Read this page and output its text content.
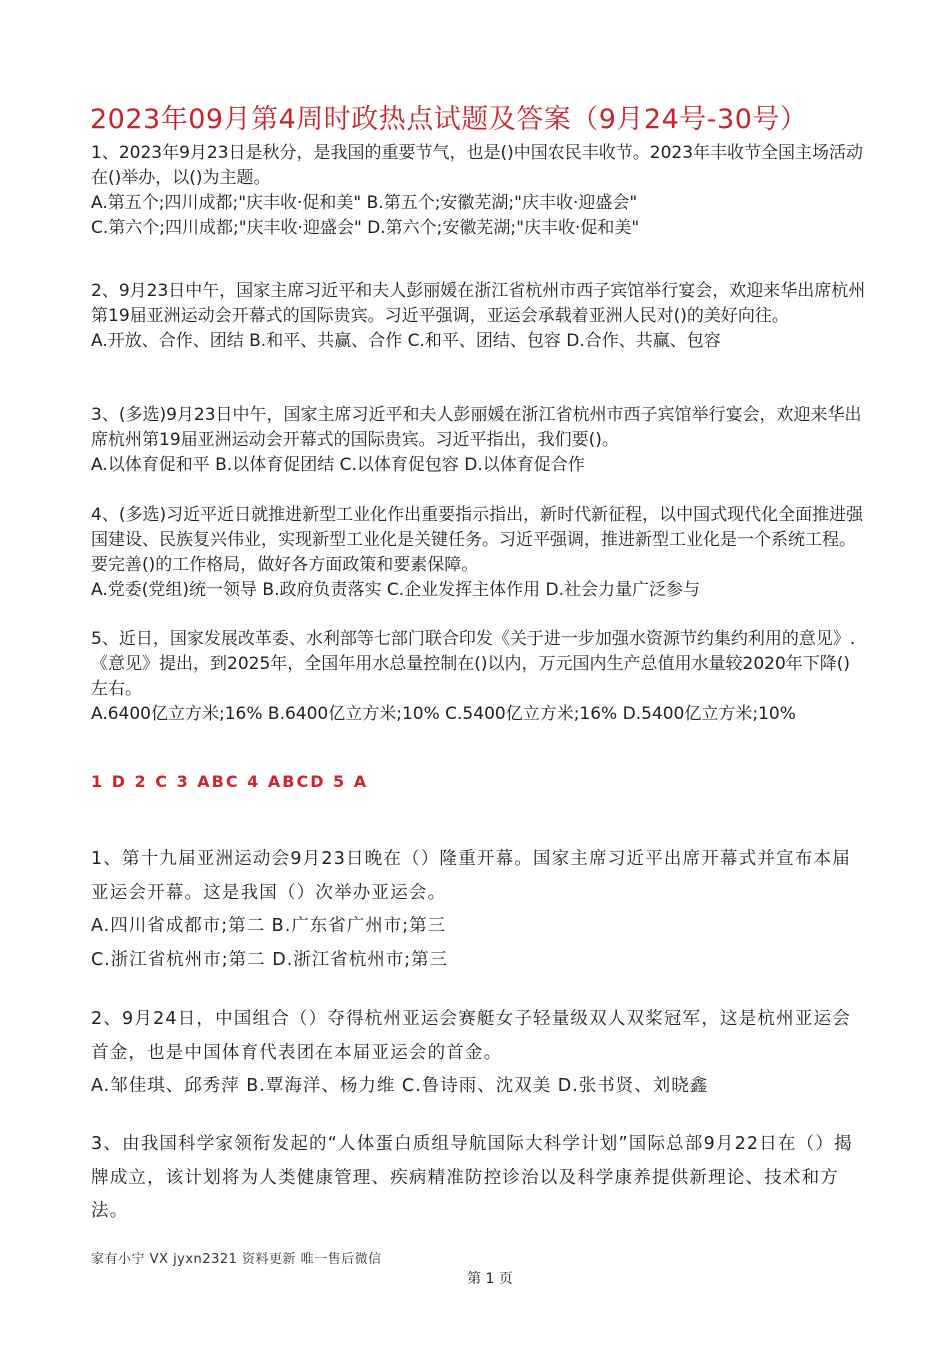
2023年09月第4周时政热点试题及答案（9月24号-30号）

1、2023年9月23日是秋分，是我国的重要节气，也是()中国农民丰收节。2023年丰收节全国主场活动在()举办，以()为主题。

A.第五个;四川成都;"庆丰收·促和美" B.第五个;安徽芜湖;"庆丰收·迎盛会"

C.第六个;四川成都;"庆丰收·迎盛会" D.第六个;安徽芜湖;"庆丰收·促和美"

2、9月23日中午，国家主席习近平和夫人彭丽媛在浙江省杭州市西子宾馆举行宴会，欢迎来华出席杭州第19届亚洲运动会开幕式的国际贵宾。习近平强调，亚运会承载着亚洲人民对()的美好向往。

A.开放、合作、团结 B.和平、共赢、合作 C.和平、团结、包容 D.合作、共赢、包容

3、(多选)9月23日中午，国家主席习近平和夫人彭丽媛在浙江省杭州市西子宾馆举行宴会，欢迎来华出席杭州第19届亚洲运动会开幕式的国际贵宾。习近平指出，我们要()。

A.以体育促和平 B.以体育促团结 C.以体育促包容 D.以体育促合作

4、(多选)习近平近日就推进新型工业化作出重要指示指出，新时代新征程，以中国式现代化全面推进强国建设、民族复兴伟业，实现新型工业化是关键任务。习近平强调，推进新型工业化是一个系统工程。要完善()的工作格局，做好各方面政策和要素保障。

A.党委(党组)统一领导 B.政府负责落实 C.企业发挥主体作用 D.社会力量广泛参与

5、近日，国家发展改革委、水利部等七部门联合印发《关于进一步加强水资源节约集约利用的意见》.《意见》提出，到2025年，全国年用水总量控制在()以内，万元国内生产总值用水量较2020年下降()左右。

A.6400亿立方米;16% B.6400亿立方米;10% C.5400亿立方米;16% D.5400亿立方米;10%

1 D 2 C 3 ABC 4 ABCD 5 A

1、第十九届亚洲运动会9月23日晚在（）隆重开幕。国家主席习近平出席开幕式并宣布本届亚运会开幕。这是我国（）次举办亚运会。

A.四川省成都市;第二 B.广东省广州市;第三

C.浙江省杭州市;第二 D.浙江省杭州市;第三

2、9月24日，中国组合（）夺得杭州亚运会赛艇女子轻量级双人双桨冠军，这是杭州亚运会首金，也是中国体育代表团在本届亚运会的首金。

A.邹佳琪、邱秀萍 B.覃海洋、杨力维 C.鲁诗雨、沈双美 D.张书贤、刘晓鑫

3、由我国科学家领衔发起的“人体蛋白质组导航国际大科学计划”国际总部9月22日在（）揭牌成立，该计划将为人类健康管理、疾病精准防控诊治以及科学康养提供新理论、技术和方法。

家有小宁 VX jyxn2321 资料更新 唯一售后微信
第 1 页
